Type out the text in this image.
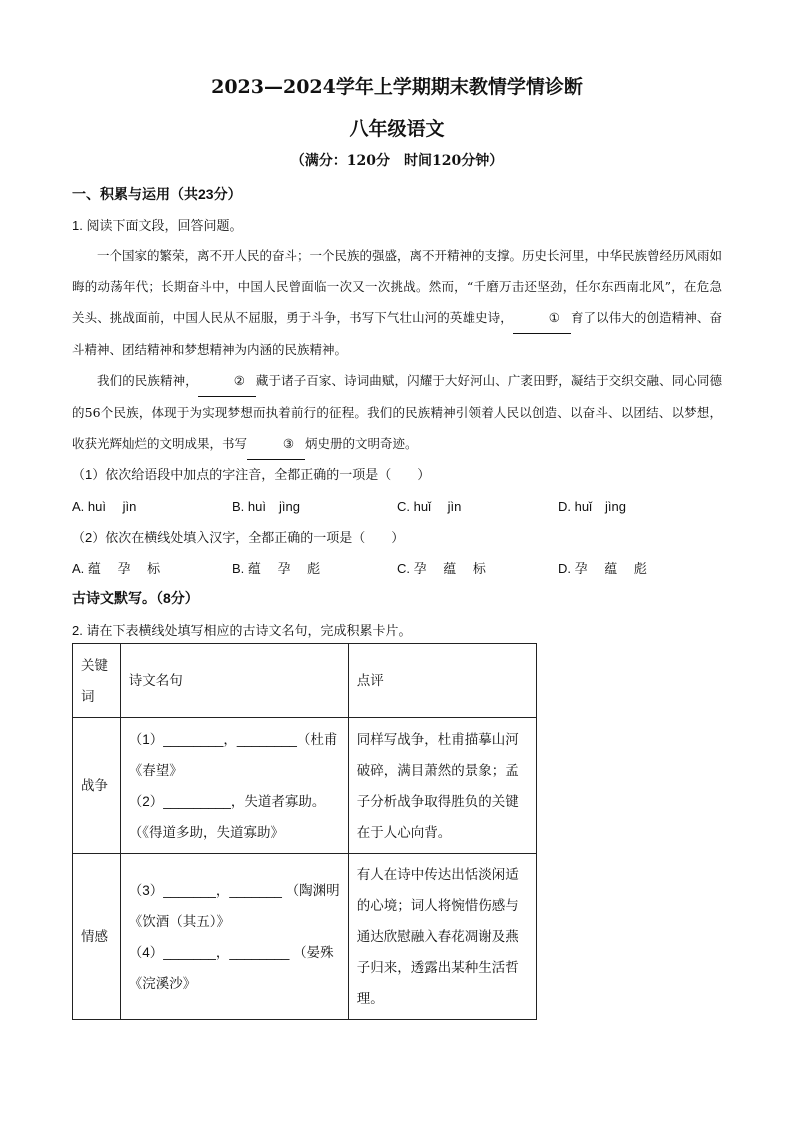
2023—2024学年上学期期末教情学情诊断
八年级语文
（满分：120分　时间120分钟）
一、积累与运用（共23分）
1. 阅读下面文段，回答问题。

一个国家的繁荣，离不开人民的奋斗；一个民族的强盛，离不开精神的支撑。历史长河里，中华民族曾经历风雨如晦的动荡年代；长期奋斗中，中国人民曾面临一次又一次挑战。然而，“千磨万击还坚劲，任尔东西南北风”，在危急关头、挑战面前，中国人民从不屈服，勇于斗争，书写下气壮山河的英雄史诗，	① 育了以伟大的创造精神、奋斗精神、团结精神和梦想精神为内涵的民族精神。

我们的民族精神，	② 藏于诸子百家、诗词曲赋，闪耀于大好河山、广袤田野，凝结于交织交融、同心同德的56个民族，体现于为实现梦想而执着前行的征程。我们的民族精神引领着人民以创造、以奋斗、以团结、以梦想，收获光辉灿烂的文明成果，书写	③ 炳史册的文明奇迹。

（1）依次给语段中加点的字注音，全都正确的一项是（　　）
A. huì　 jìn	B. huì　jìng	C. huǐ　 jìn	D. huǐ　jìng
（2）依次在横线处填入汉字，全都正确的一项是（　　）
A. 蕴　 孕　 标	B. 蕴　 孕　 彪	C. 孕　 蕴　 标	D. 孕　 蕴　 彪
古诗文默写。（8分）
2. 请在下表横线处填写相应的古诗文名句，完成积累卡片。
关键词	诗文名句	点评
战争	（1）________，________（杜甫
《春望》
（2）_________，失道者寡助。
（《得道多助，失道寡助》	同样写战争，杜甫描摹山河破碎，满目萧然的景象；孟子分析战争取得胜负的关键在于人心向背。
情感	（3）_______，_______ （陶渊明
《饮酒（其五）》
（4）_______，________ （晏殊
《浣溪沙》	有人在诗中传达出恬淡闲适的心境；词人将惋惜伤感与通达欣慰融入春花凋谢及燕子归来，透露出某种生活哲理。
